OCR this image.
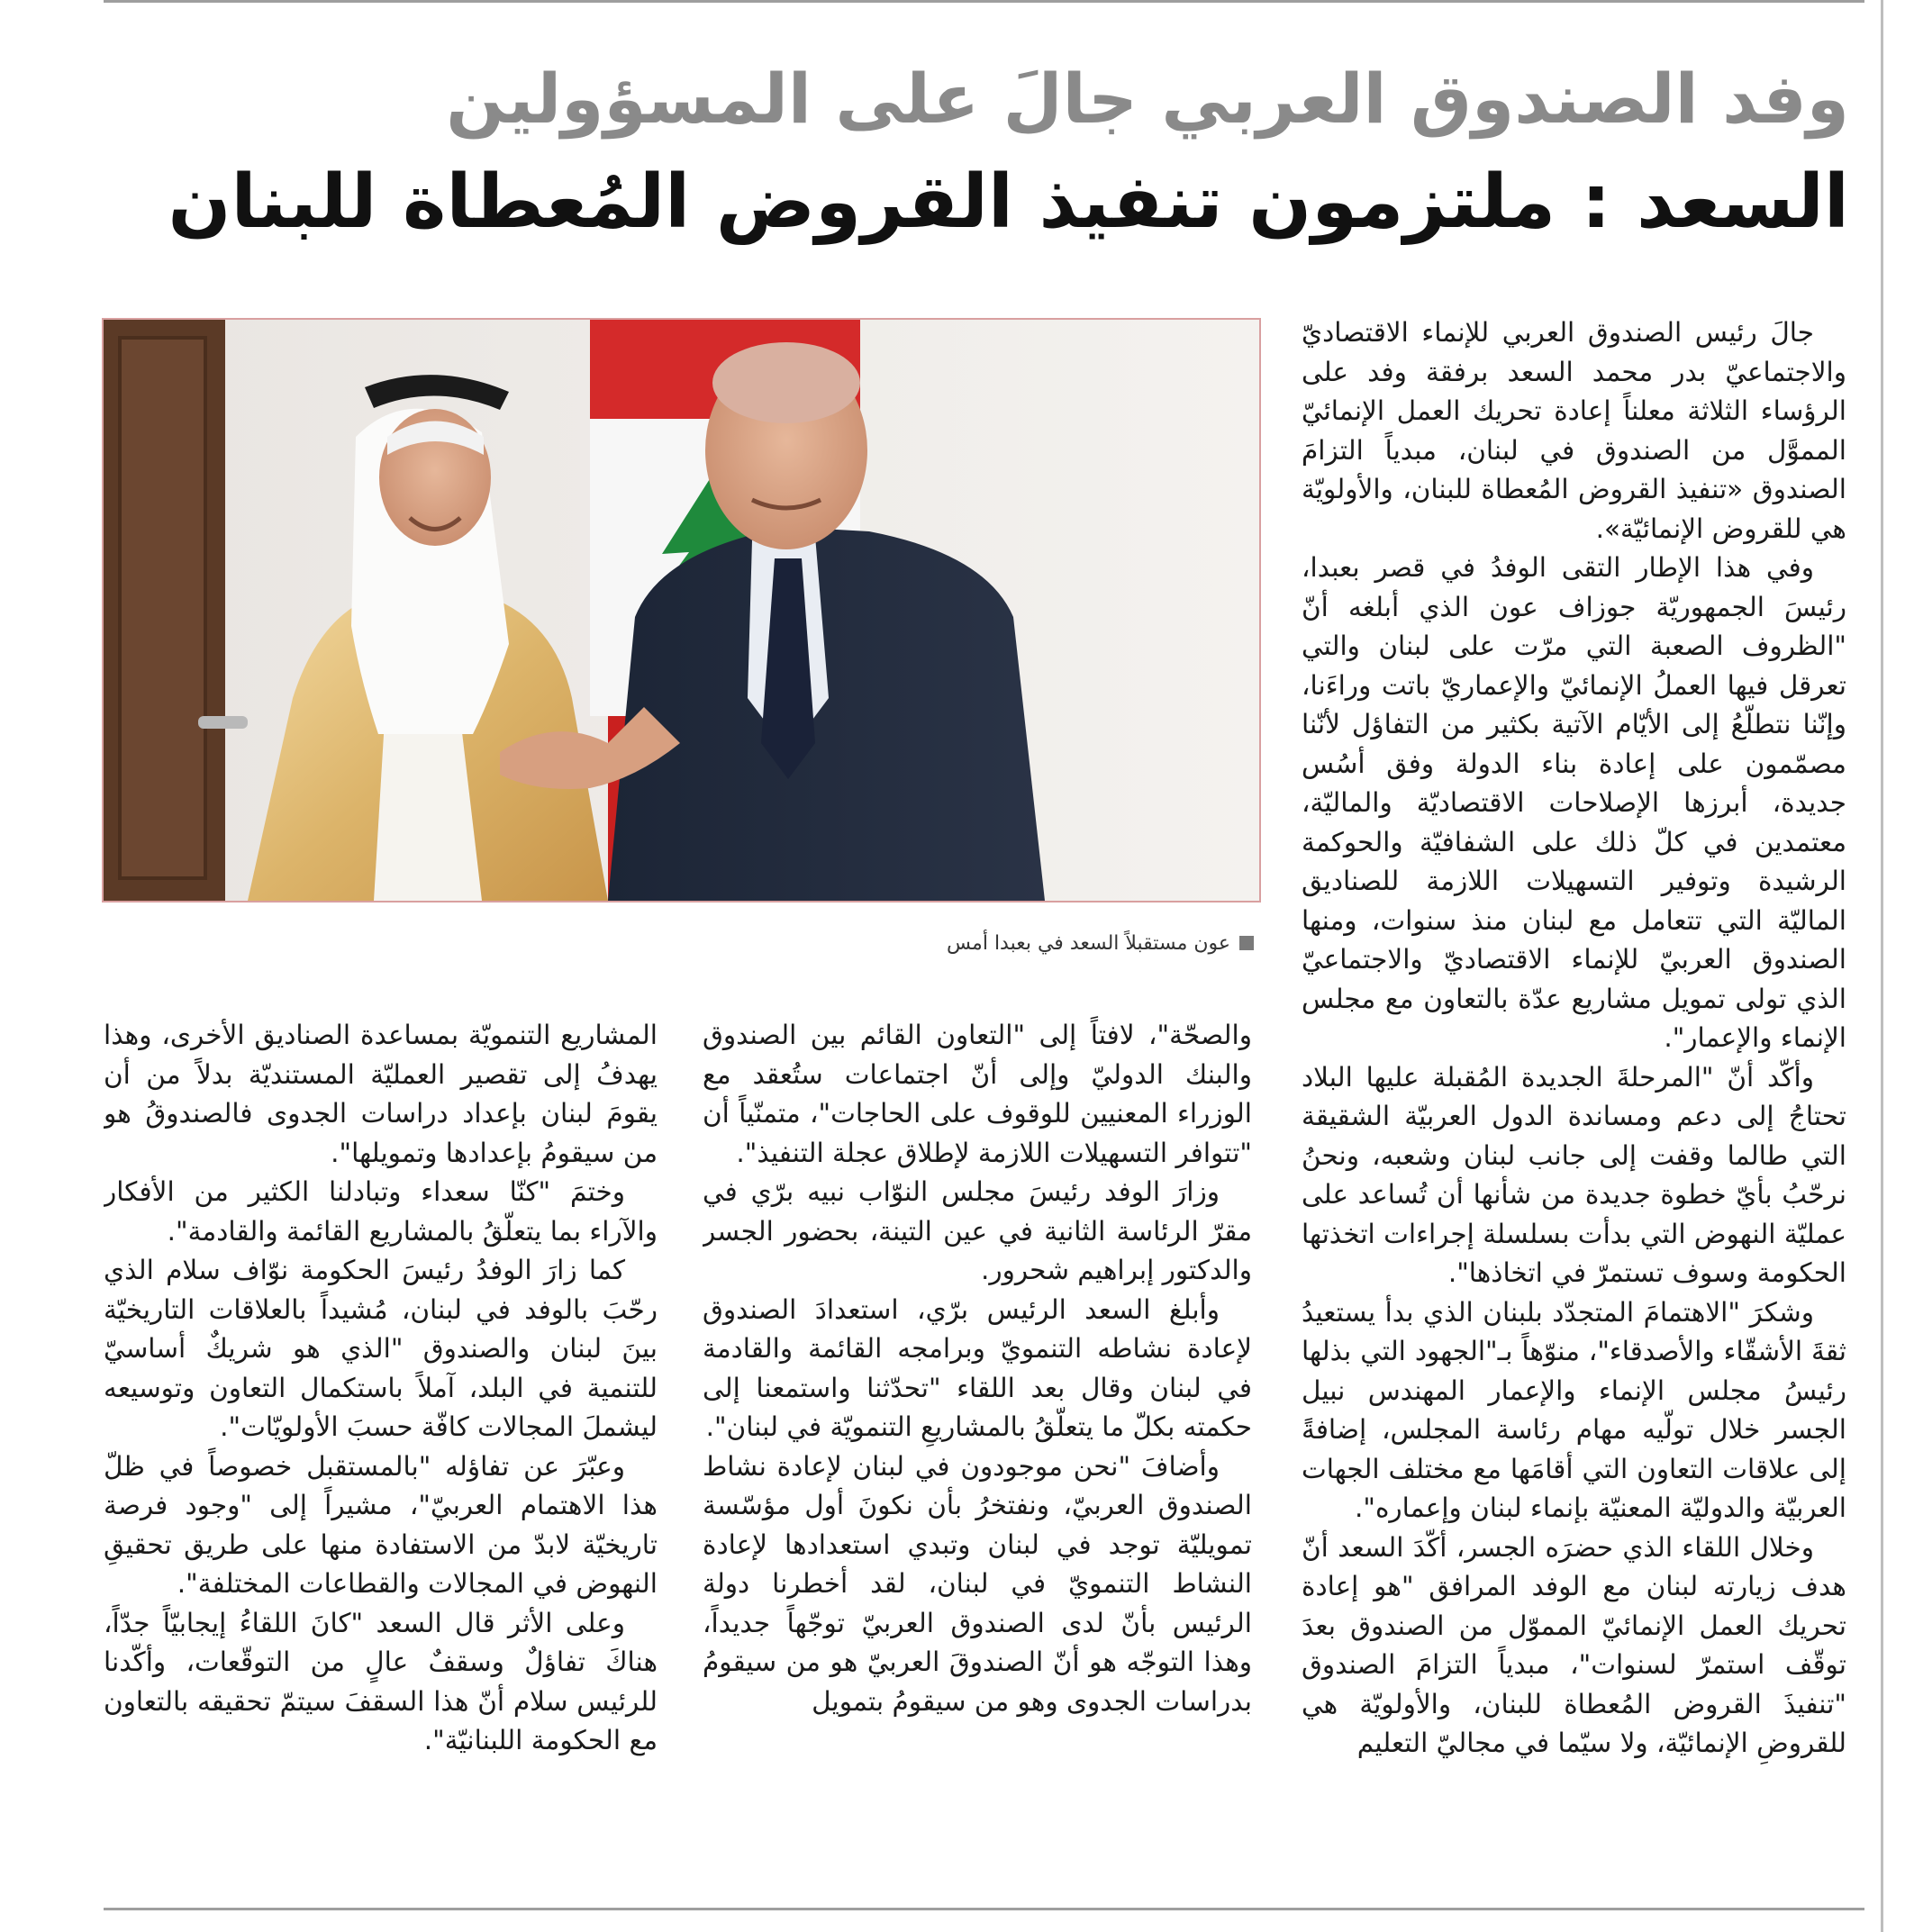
وفد الصندوق العربي جالَ على المسؤولين
السعد : ملتزمون تنفيذ القروض المُعطاة للبنان
عون مستقبلاً السعد في بعبدا أمس

جالَ رئيس الصندوق العربي للإنماء الاقتصاديّ والاجتماعيّ بدر محمد السعد برفقة وفد على الرؤساء الثلاثة معلناً إعادة تحريك العمل الإنمائيّ المموَّل من الصندوق في لبنان، مبدياً التزامَ الصندوق «تنفيذ القروض المُعطاة للبنان، والأولويّة هي للقروض الإنمائيّة».

وفي هذا الإطار التقى الوفدُ في قصر بعبدا، رئيسَ الجمهوريّة جوزاف عون الذي أبلغه أنّ "الظروف الصعبة التي مرّت على لبنان والتي تعرقل فيها العملُ الإنمائيّ والإعماريّ باتت وراءَنا، وإنّنا نتطلّعُ إلى الأيّام الآتية بكثير من التفاؤل لأنّنا مصمّمون على إعادة بناء الدولة وفق أسُس جديدة، أبرزها الإصلاحات الاقتصاديّة والماليّة، معتمدين في كلّ ذلك على الشفافيّة والحوكمة الرشيدة وتوفير التسهيلات اللازمة للصناديق الماليّة التي تتعامل مع لبنان منذ سنوات، ومنها الصندوق العربيّ للإنماء الاقتصاديّ والاجتماعيّ الذي تولى تمويل مشاريع عدّة بالتعاون مع مجلس الإنماء والإعمار".

وأكّد أنّ "المرحلةَ الجديدة المُقبلة عليها البلاد تحتاجُ إلى دعم ومساندة الدول العربيّة الشقيقة التي طالما وقفت إلى جانب لبنان وشعبه، ونحنُ نرحّبُ بأيّ خطوة جديدة من شأنها أن تُساعد على عمليّة النهوض التي بدأت بسلسلة إجراءات اتخذتها الحكومة وسوف تستمرّ في اتخاذها".

وشكرَ "الاهتمامَ المتجدّد بلبنان الذي بدأ يستعيدُ ثقةَ الأشقّاء والأصدقاء"، منوّهاً بـ"الجهود التي بذلها رئيسُ مجلس الإنماء والإعمار المهندس نبيل الجسر خلال تولّيه مهام رئاسة المجلس، إضافةً إلى علاقات التعاون التي أقامَها مع مختلف الجهات العربيّة والدوليّة المعنيّة بإنماء لبنان وإعماره".

وخلال اللقاء الذي حضرَه الجسر، أكّدَ السعد أنّ هدف زيارته لبنان مع الوفد المرافق "هو إعادة تحريك العمل الإنمائيّ المموّل من الصندوق بعدَ توقّف استمرّ لسنوات"، مبدياً التزامَ الصندوق "تنفيذَ القروض المُعطاة للبنان، والأولويّة هي للقروضِ الإنمائيّة، ولا سيّما في مجاليّ التعليم

والصحّة"، لافتاً إلى "التعاون القائم بين الصندوق والبنك الدوليّ وإلى أنّ اجتماعات ستُعقد مع الوزراء المعنيين للوقوف على الحاجات"، متمنّياً أن "تتوافر التسهيلات اللازمة لإطلاق عجلة التنفيذ".

وزارَ الوفد رئيسَ مجلس النوّاب نبيه برّي في مقرّ الرئاسة الثانية في عين التينة، بحضور الجسر والدكتور إبراهيم شحرور.

وأبلغ السعد الرئيس برّي، استعدادَ الصندوق لإعادة نشاطه التنمويّ وبرامجه القائمة والقادمة في لبنان وقال بعد اللقاء "تحدّثنا واستمعنا إلى حكمته بكلّ ما يتعلّقُ بالمشاريعِ التنمويّة في لبنان".

وأضافَ "نحن موجودون في لبنان لإعادة نشاط الصندوق العربيّ، ونفتخرُ بأن نكونَ أول مؤسّسة تمويليّة توجد في لبنان وتبدي استعدادها لإعادة النشاط التنمويّ في لبنان، لقد أخطرنا دولة الرئيس بأنّ لدى الصندوق العربيّ توجّهاً جديداً، وهذا التوجّه هو أنّ الصندوقَ العربيّ هو من سيقومُ بدراسات الجدوى وهو من سيقومُ بتمويل

المشاريع التنمويّة بمساعدة الصناديق الأخرى، وهذا يهدفُ إلى تقصير العمليّة المستنديّة بدلاً من أن يقومَ لبنان بإعداد دراسات الجدوى فالصندوقُ هو من سيقومُ بإعدادها وتمويلها".

وختمَ "كنّا سعداء وتبادلنا الكثير من الأفكار والآراء بما يتعلّقُ بالمشاريع القائمة والقادمة".

كما زارَ الوفدُ رئيسَ الحكومة نوّاف سلام الذي رحّبَ بالوفد في لبنان، مُشيداً بالعلاقات التاريخيّة بينَ لبنان والصندوق "الذي هو شريكٌ أساسيّ للتنمية في البلد، آملاً باستكمال التعاون وتوسيعه ليشملَ المجالات كافّة حسبَ الأولويّات".

وعبّرَ عن تفاؤله "بالمستقبل خصوصاً في ظلّ هذا الاهتمام العربيّ"، مشيراً إلى "وجود فرصة تاريخيّة لابدّ من الاستفادة منها على طريق تحقيقِ النهوض في المجالات والقطاعات المختلفة".

وعلى الأثر قال السعد "كانَ اللقاءُ إيجابيّاً جدّاً، هناكَ تفاؤلٌ وسقفٌ عالٍ من التوقّعات، وأكّدنا للرئيس سلام أنّ هذا السقفَ سيتمّ تحقيقه بالتعاون مع الحكومة اللبنانيّة".
